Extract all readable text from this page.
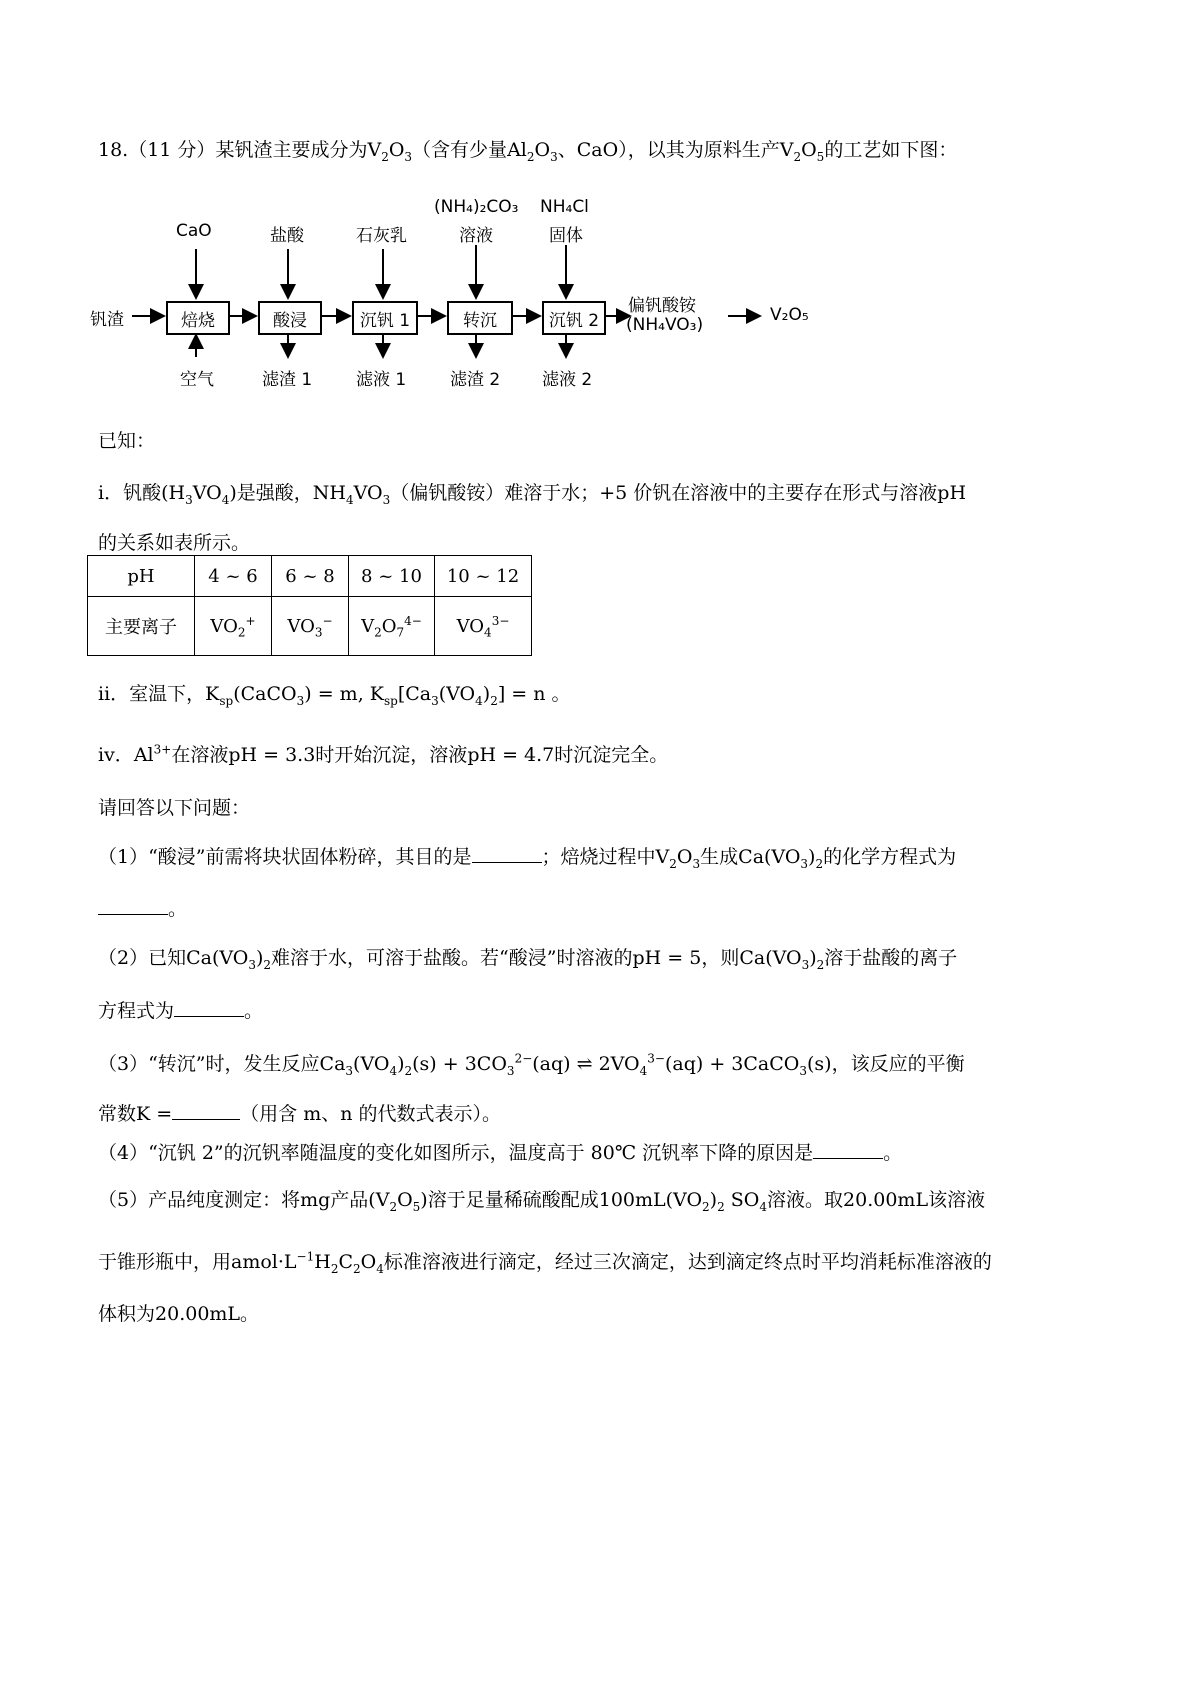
18.（11 分）某钒渣主要成分为$V_2O_3$（含有少量$Al_2O_3$、CaO），以其为原料生产$V_2O_5$的工艺如下图：
钒渣	焙烧	酸浸	沉钒 1	转沉	沉钒 2
CaO	盐酸	石灰乳
(NH₄)₂CO₃
溶液
NH₄Cl
固体
空气	滤渣 1	滤液 1	滤渣 2 滤液 2
偏钒酸铵
(NH₄VO₃)	V₂O₅
已知：
ⅰ．钒酸$(H_3VO_4)$是强酸，$NH_4VO_3$（偏钒酸铵）难溶于水；+5 价钒在溶液中的主要存在形式与溶液pH
的关系如表所示。
pH	4 ~ 6	6 ~ 8	8 ~ 10	10 ~ 12
主要离子	$VO_2^+$	$VO_3^-$	$V_2O_7^{4-}$	$VO_4^{3-}$
ⅱ．室温下，$K_{sp}(CaCO_3) = m$, $K_{sp}[Ca_3(VO_4)_2] = n$ 。
ⅳ．$Al^{3+}$在溶液pH = 3.3时开始沉淀，溶液pH = 4.7时沉淀完全。
请回答以下问题：
（1）“酸浸”前需将块状固体粉碎，其目的是	；焙烧过程中$V_2O_3$生成$Ca(VO_3)_2$的化学方程式为
。
（2）已知$Ca(VO_3)_2$难溶于水，可溶于盐酸。若“酸浸”时溶液的pH = 5，则$Ca(VO_3)_2$溶于盐酸的离子
方程式为	。
（3）“转沉”时，发生反应$Ca_3(VO_4)_2(s) + 3CO_3^{2-}(aq)$ ⇌ $2VO_4^{3-}(aq)$ + 3CaCO$_3$(s)，该反应的平衡
常数K =	（用含 m、n 的代数式表示）。
（4）“沉钒 2”的沉钒率随温度的变化如图所示，温度高于 80℃ 沉钒率下降的原因是	。
（5）产品纯度测定：将mg产品$(V_2O_5)$溶于足量稀硫酸配成$100mL(VO_2)_2$ $SO_4$溶液。取20.00mL该溶液
于锥形瓶中，用$amol\cdot L^{-1}H_2C_2O_4$标准溶液进行滴定，经过三次滴定，达到滴定终点时平均消耗标准溶液的
体积为20.00mL。
